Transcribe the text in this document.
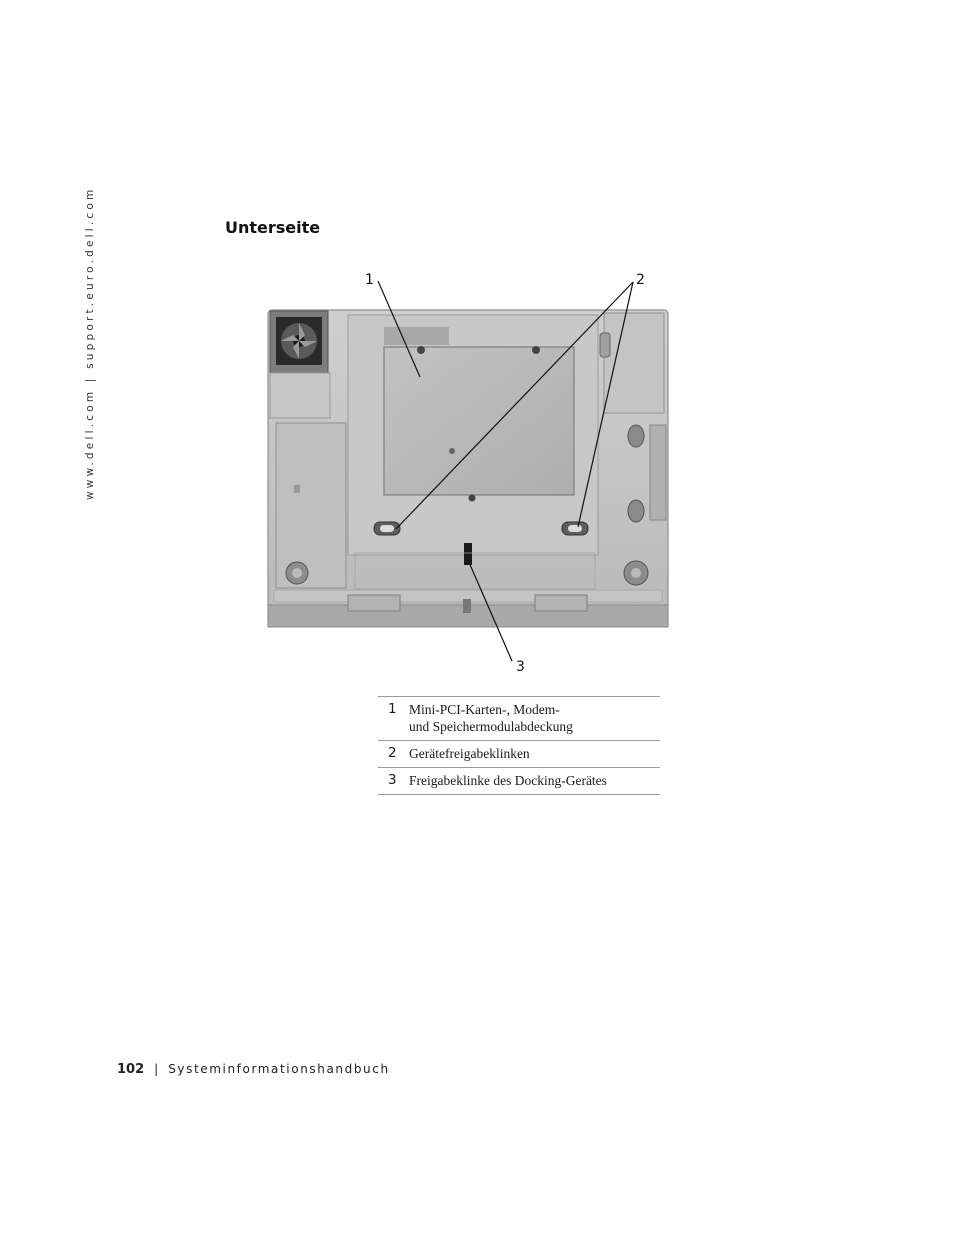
www.dell.com | support.euro.dell.com	Unterseite
1	2
3
1	Mini-PCI-Karten-, Modem-
und Speichermodulabdeckung

2	Gerätefreigabeklinken

3	Freigabeklinke des Docking-Gerätes
102 | Systeminformationshandbuch
